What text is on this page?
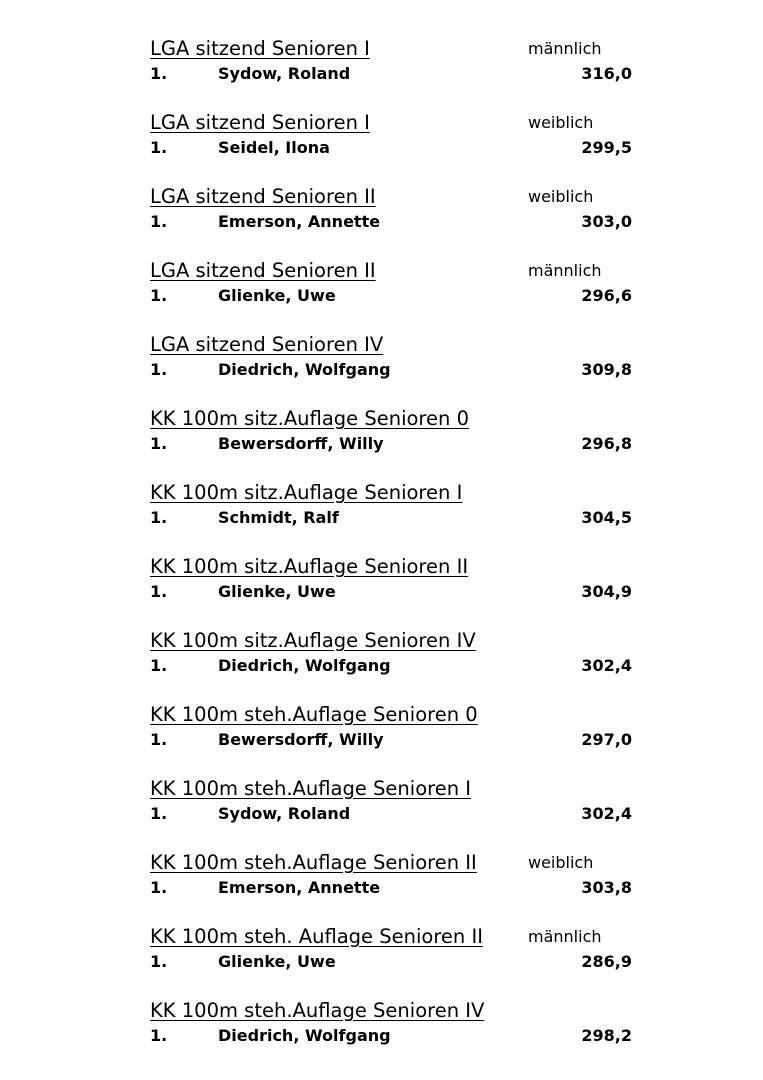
LGA sitzend Senioren I	männlich
1.	Sydow, Roland	316,0
LGA sitzend Senioren I	weiblich
1.	Seidel, Ilona	299,5
LGA sitzend Senioren II	weiblich
1.	Emerson, Annette	303,0
LGA sitzend Senioren II	männlich
1.	Glienke, Uwe	296,6
LGA sitzend Senioren IV
1.	Diedrich, Wolfgang	309,8
KK 100m sitz.Auflage Senioren 0
1.	Bewersdorff, Willy	296,8
KK 100m sitz.Auflage Senioren I
1.	Schmidt, Ralf	304,5
KK 100m sitz.Auflage Senioren II
1.	Glienke, Uwe	304,9
KK 100m sitz.Auflage Senioren IV
1.	Diedrich, Wolfgang	302,4
KK 100m steh.Auflage Senioren 0
1.	Bewersdorff, Willy	297,0
KK 100m steh.Auflage Senioren I
1.	Sydow, Roland	302,4
KK 100m steh.Auflage Senioren II	weiblich
1.	Emerson, Annette	303,8
KK 100m steh. Auflage Senioren II	männlich
1.	Glienke, Uwe	286,9
KK 100m steh.Auflage Senioren IV
1.	Diedrich, Wolfgang	298,2
